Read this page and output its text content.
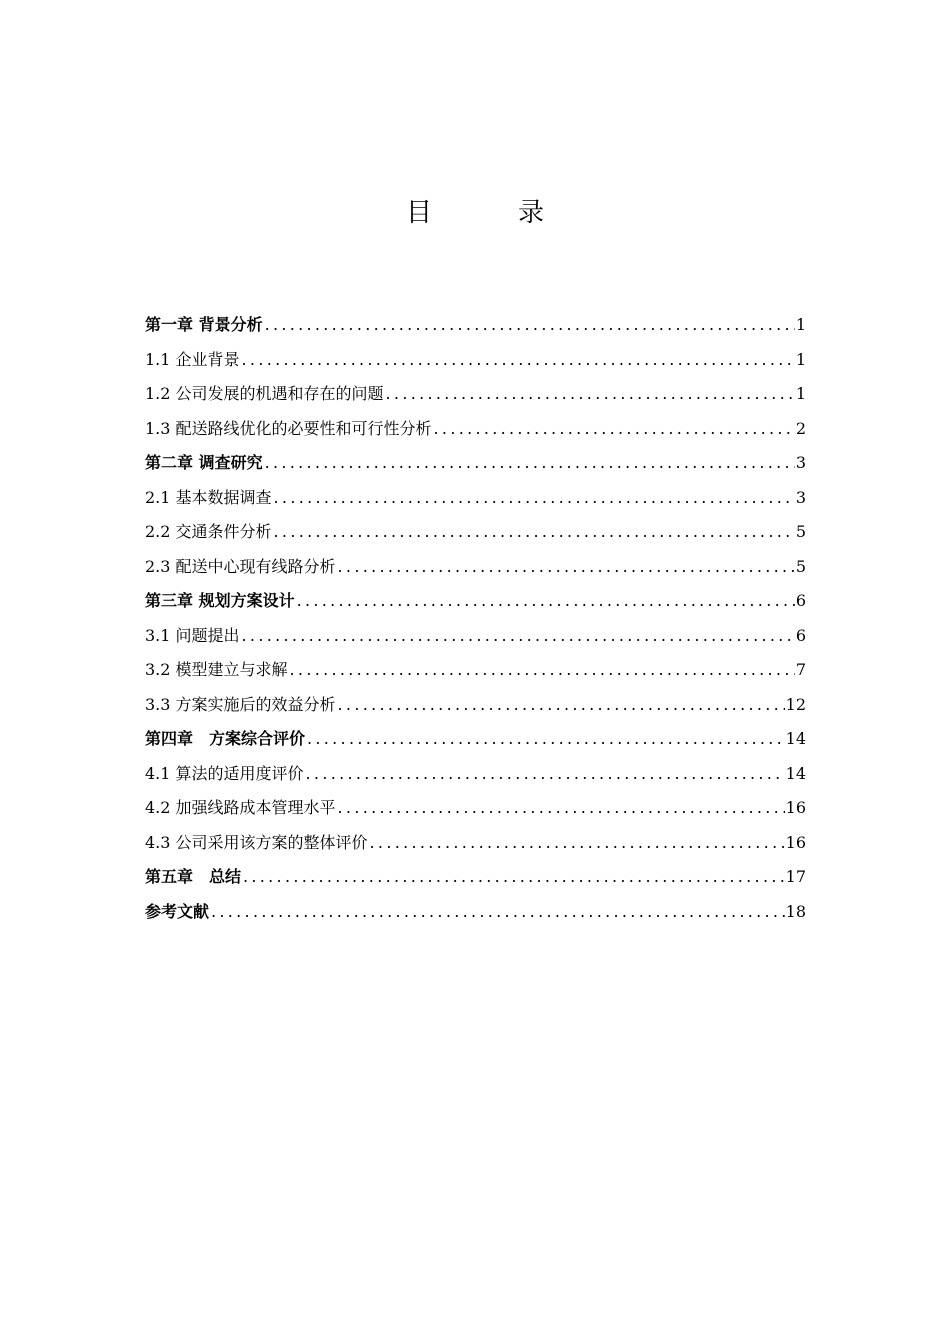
目　录
第一章 背景分析 .....	1
1.1 企业背景 .....	1
1.2 公司发展的机遇和存在的问题 .....	1
1.3 配送路线优化的必要性和可行性分析 .....	2
第二章 调查研究 .....	3
2.1 基本数据调查 .....	3
2.2 交通条件分析 .....	5
2.3 配送中心现有线路分析 .....	5
第三章 规划方案设计 .....	6
3.1 问题提出 .....	6
3.2 模型建立与求解 .....	7
3.3 方案实施后的效益分析 .....	12
第四章　方案综合评价 .....	14
4.1 算法的适用度评价 .....	14
4.2 加强线路成本管理水平 .....	16
4.3 公司采用该方案的整体评价 .....	16
第五章　总结 .....	17
参考文献 .....	18
